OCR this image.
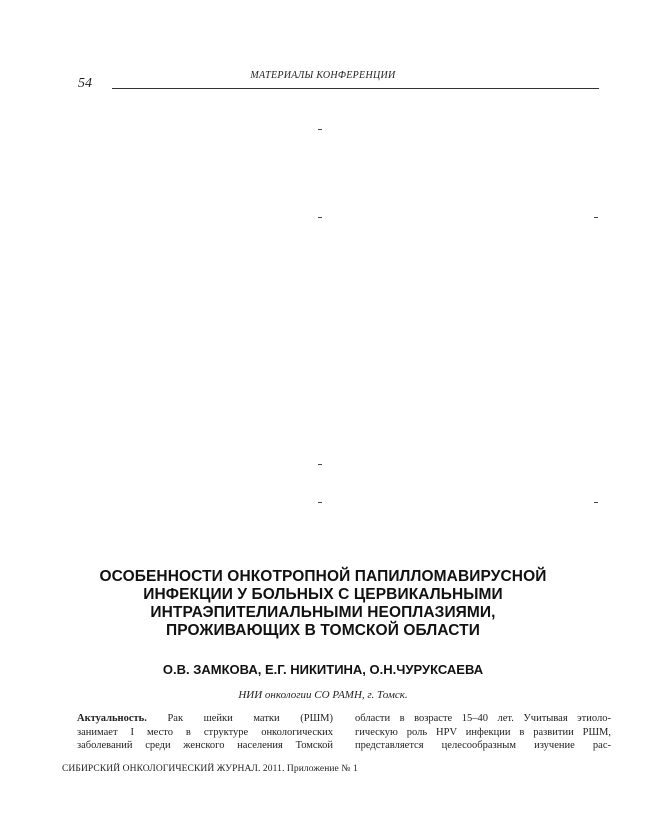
МАТЕРИАЛЫ КОНФЕРЕНЦИИ
54
ОСОБЕННОСТИ ОНКОТРОПНОЙ ПАПИЛЛОМАВИРУСНОЙ
ИНФЕКЦИИ У БОЛЬНЫХ С ЦЕРВИКАЛЬНЫМИ
ИНТРАЭПИТЕЛИАЛЬНЫМИ НЕОПЛАЗИЯМИ,
ПРОЖИВАЮЩИХ В ТОМСКОЙ ОБЛАСТИ
О.В. ЗАМКОВА, Е.Г. НИКИТИНА, О.Н.ЧУРУКСАЕВА
НИИ онкологии СО РАМН, г. Томск.
Актуальность. Рак шейки матки (РШМ)
занимает I место в структуре онкологических
заболеваний среди женского населения Томской
области в возрасте 15–40 лет. Учитывая этиоло-
гическую роль HPV инфекции в развитии РШМ,
представляется целесообразным изучение рас-
СИБИРСКИЙ ОНКОЛОГИЧЕСКИЙ ЖУРНАЛ. 2011. Приложение № 1
